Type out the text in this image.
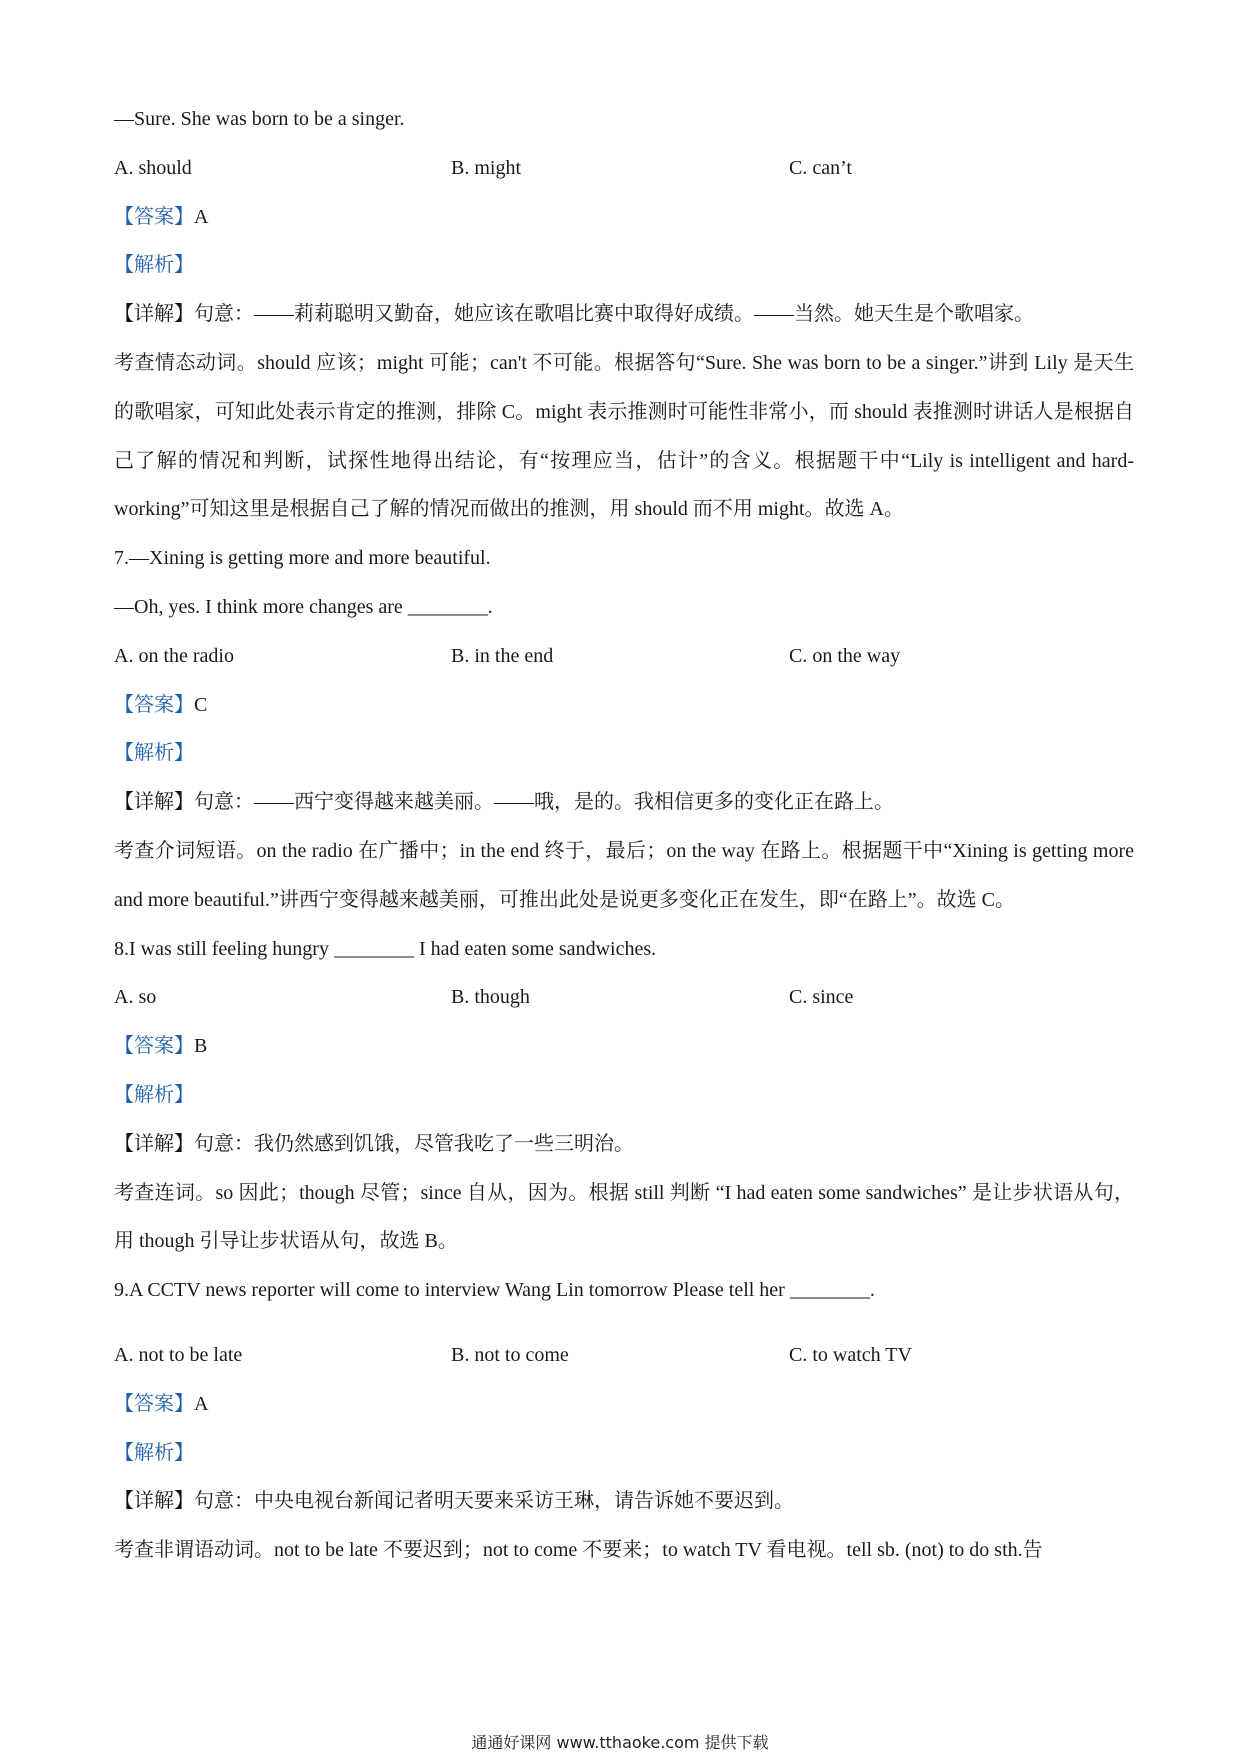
—Sure. She was born to be a singer.
A. should	B. might	C. can’t
【答案】A
【解析】
【详解】句意：——莉莉聪明又勤奋，她应该在歌唱比赛中取得好成绩。——当然。她天生是个歌唱家。
考查情态动词。should 应该；might 可能；can't 不可能。根据答句“Sure. She was born to be a singer.”讲到 Lily 是天生的歌唱家，可知此处表示肯定的推测，排除 C。might 表示推测时可能性非常小，而 should 表推测时讲话人是根据自己了解的情况和判断，试探性地得出结论，有“按理应当，估计”的含义。根据题干中“Lily is intelligent and hard-working”可知这里是根据自己了解的情况而做出的推测，用 should 而不用 might。故选 A。
7.—Xining is getting more and more beautiful.
—Oh, yes. I think more changes are ________.
A. on the radio	B. in the end	C. on the way
【答案】C
【解析】
【详解】句意：——西宁变得越来越美丽。——哦，是的。我相信更多的变化正在路上。
考查介词短语。on the radio 在广播中；in the end 终于，最后；on the way 在路上。根据题干中“Xining is getting more and more beautiful.”讲西宁变得越来越美丽，可推出此处是说更多变化正在发生，即“在路上”。故选 C。
8.I was still feeling hungry ________ I had eaten some sandwiches.
A. so	B. though	C. since
【答案】B
【解析】
【详解】句意：我仍然感到饥饿，尽管我吃了一些三明治。
考查连词。so 因此；though 尽管；since 自从，因为。根据 still 判断 “I had eaten some sandwiches” 是让步状语从句，用 though 引导让步状语从句，故选 B。
9.A CCTV news reporter will come to interview Wang Lin tomorrow Please tell her ________.
A. not to be late	B. not to come	C. to watch TV
【答案】A
【解析】
【详解】句意：中央电视台新闻记者明天要来采访王琳，请告诉她不要迟到。
考查非谓语动词。not to be late 不要迟到；not to come 不要来；to watch TV 看电视。tell sb. (not) to do sth.告
通通好课网 www.tthaoke.com 提供下载
